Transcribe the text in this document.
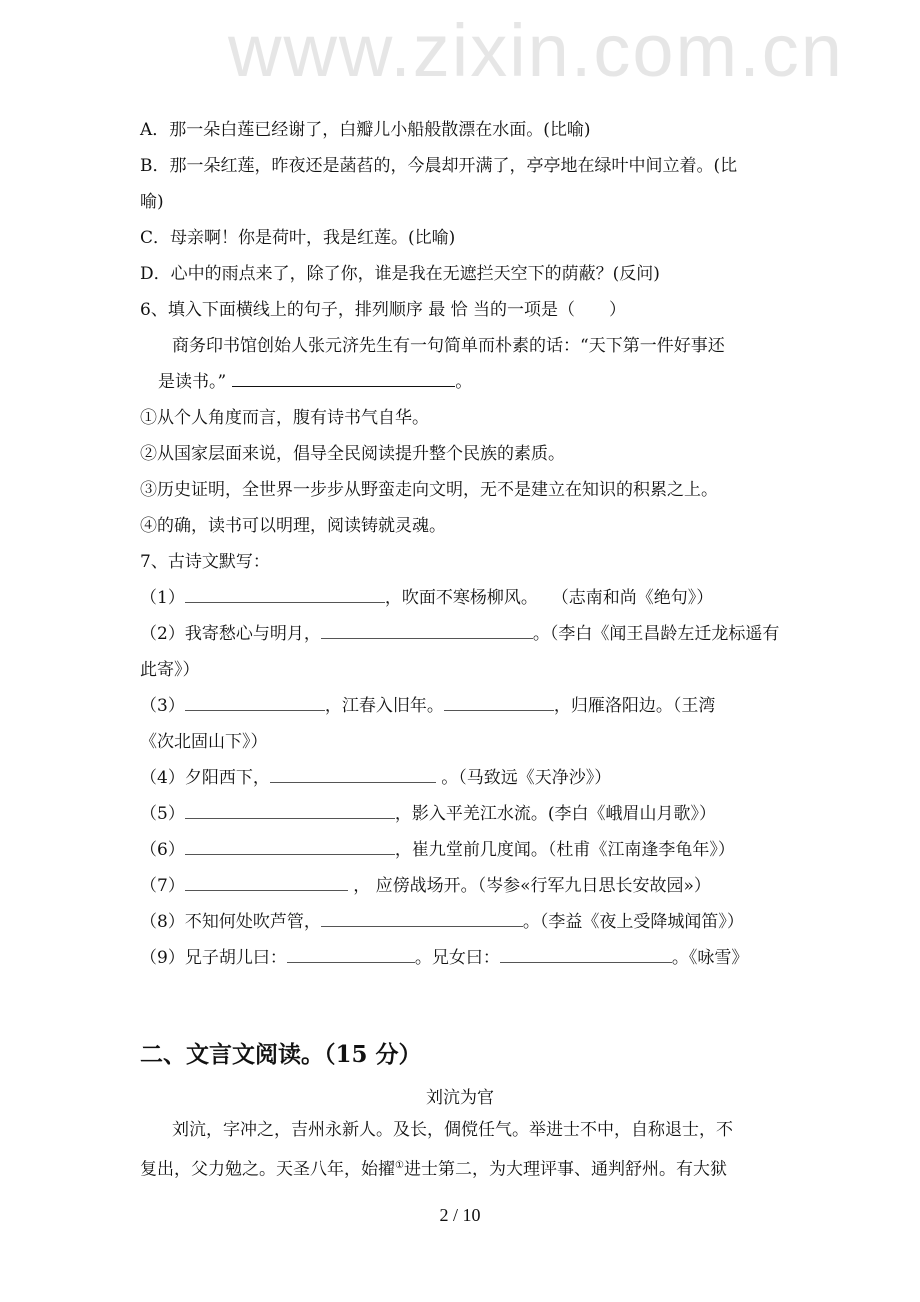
www.zixin.com.cn
A．那一朵白莲已经谢了，白瓣儿小船般散漂在水面。(比喻)
B．那一朵红莲，昨夜还是菡萏的，今晨却开满了，亭亭地在绿叶中间立着。(比
喻)
C．母亲啊！你是荷叶，我是红莲。(比喻)
D．心中的雨点来了，除了你，谁是我在无遮拦天空下的荫蔽？(反问)
6、填入下面横线上的句子，排列顺序 最 恰 当的一项是（　　）
商务印书馆创始人张元济先生有一句简单而朴素的话：“天下第一件好事还
是读书。”	。
①从个人角度而言，腹有诗书气自华。
②从国家层面来说，倡导全民阅读提升整个民族的素质。
③历史证明，全世界一步步从野蛮走向文明，无不是建立在知识的积累之上。
④的确，读书可以明理，阅读铸就灵魂。
7、古诗文默写：
（1）	，吹面不寒杨柳风。　 （志南和尚《绝句》）
（2）我寄愁心与明月，	。（李白《闻王昌龄左迁龙标遥有
此寄》）
（3）	，江春入旧年。	，归雁洛阳边。（王湾
《次北固山下》）
（4）夕阳西下，	。（马致远《天净沙》）
（5）	，影入平羌江水流。(李白《峨眉山月歌》）
（6）	，崔九堂前几度闻。（杜甫《江南逢李龟年》）
（7）	， 应傍战场开。（岑参«行军九日思长安故园»）
（8）不知何处吹芦管，	。（李益《夜上受降城闻笛》）
（9）兄子胡儿曰：	。兄女曰：	。《咏雪》
二、文言文阅读。（15 分）
刘沆为官
刘沆，字冲之，吉州永新人。及长，倜傥任气。举进士不中，自称退士，不
复出，父力勉之。天圣八年，始擢①进士第二，为大理评事、通判舒州。有大狱
2 / 10
